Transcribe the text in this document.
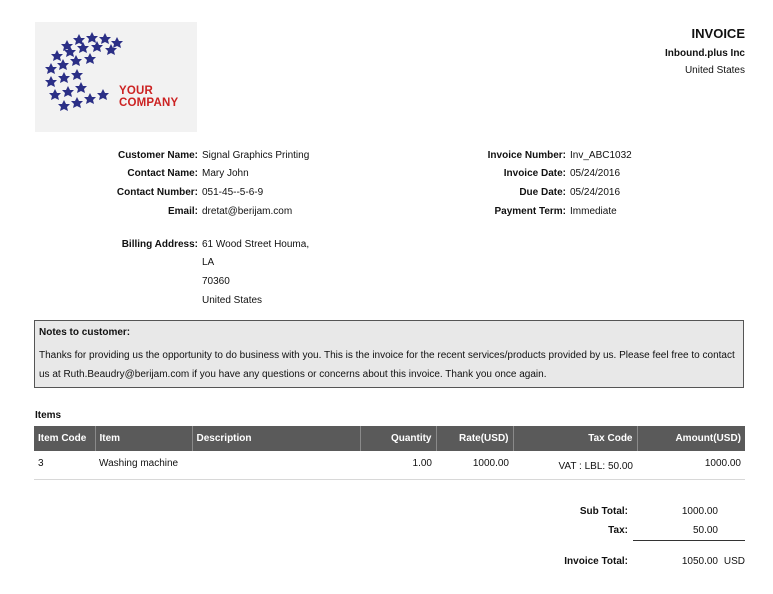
YOUR
COMPANY
INVOICE
Inbound.plus Inc
United States
Customer Name: Signal Graphics Printing
Contact Name: Mary John
Contact Number: 051-45--5-6-9
Email: dretat@berijam.com
Billing Address: 61 Wood Street Houma,
LA
70360
United States
Invoice Number: Inv_ABC1032
Invoice Date: 05/24/2016
Due Date: 05/24/2016
Payment Term: Immediate
Notes to customer:
Thanks for providing us the opportunity to do business with you. This is the invoice for the recent services/products provided by us. Please feel free to contact us at Ruth.Beaudry@berijam.com if you have any questions or concerns about this invoice. Thank you once again.
Items
Item Code	Item	Description	Quantity	Rate(USD)	Tax Code	Amount(USD)
3	Washing machine		1.00	1000.00	VAT : LBL: 50.00	1000.00
Sub Total:	1000.00
Tax:	50.00
Invoice Total:	1050.00 USD
